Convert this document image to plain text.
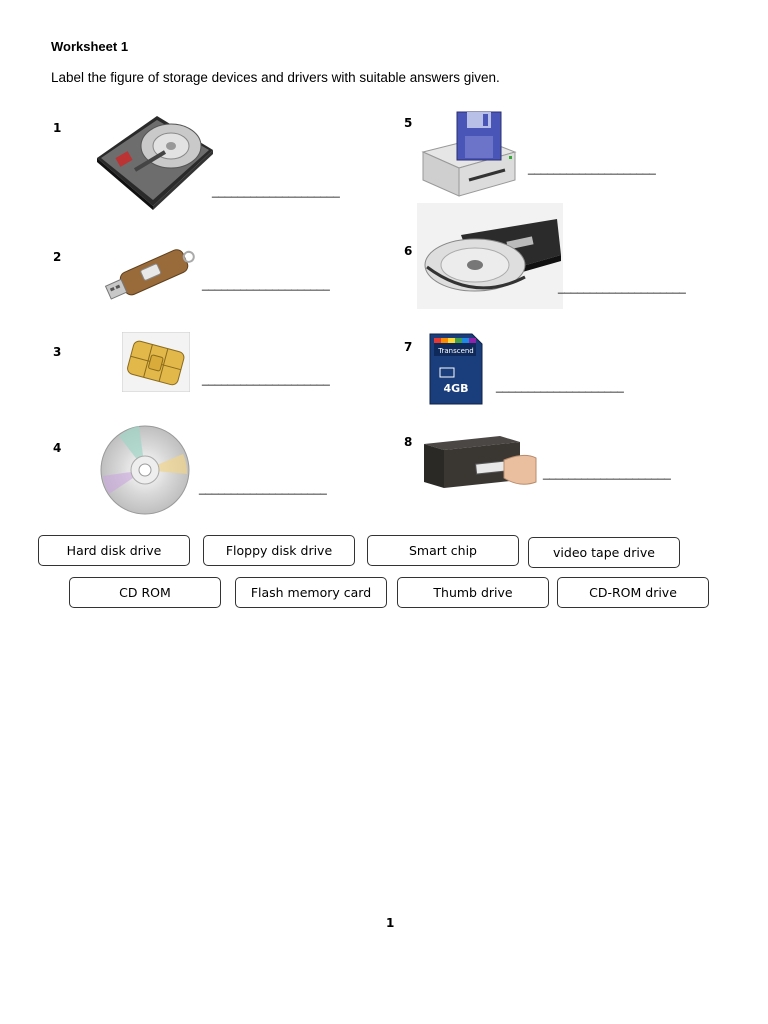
Worksheet 1
Label the figure of storage devices and drivers with suitable answers given.
1
____________________
2
____________________
3
____________________
4
____________________
5
____________________
6
____________________
7	Transcend
4GB ____________________
8
____________________
Hard disk drive	Floppy disk drive	Smart chip	video tape drive
CD ROM	Flash memory card	Thumb drive	CD-ROM drive
1
